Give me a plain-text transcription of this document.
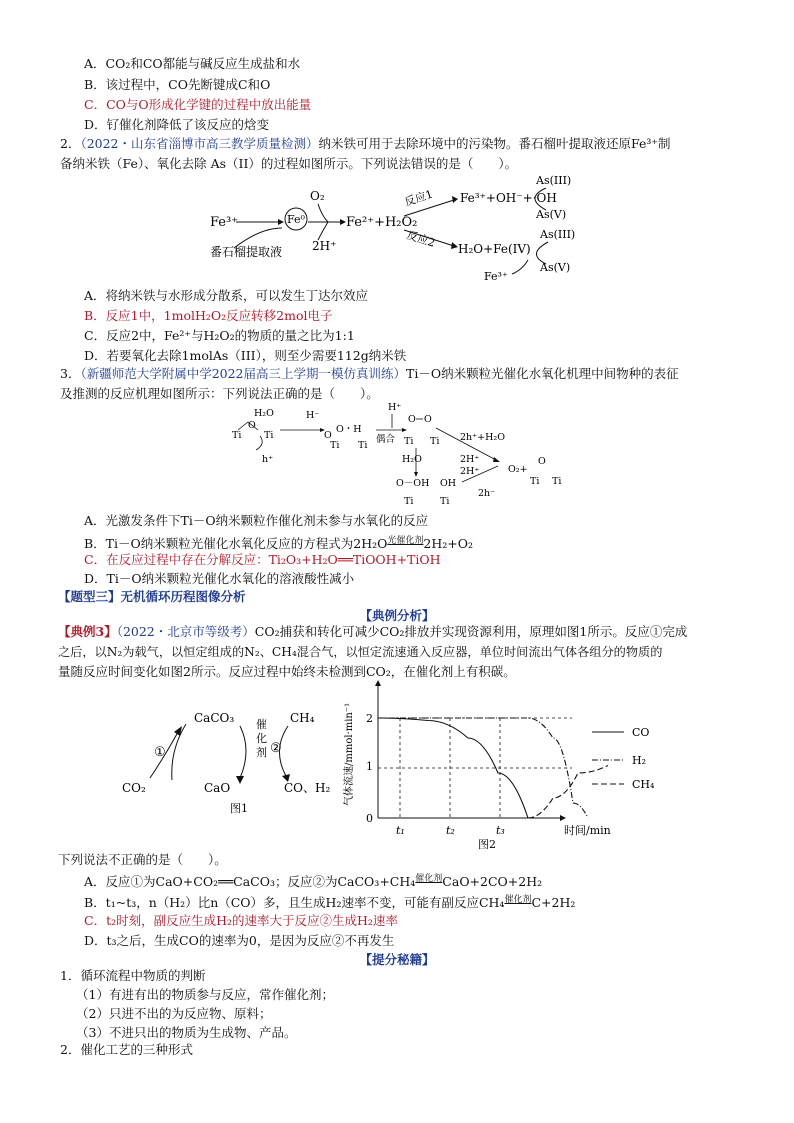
A．CO₂和CO都能与碱反应生成盐和水
B．该过程中，CO先断键成C和O
C．CO与O形成化学键的过程中放出能量
D．钌催化剂降低了该反应的焓变
2．（2022・山东省淄博市高三教学质量检测）纳米铁可用于去除环境中的污染物。番石榴叶提取液还原Fe³⁺制
备纳米铁（Fe）、氧化去除 As（II）的过程如图所示。下列说法错误的是（　　）。
Fe³⁺
番石榴提取液
Fe⁰
O₂
2H⁺
Fe²⁺+H₂O₂
反应1
反应2
Fe³⁺+OH⁻+·OH
As(III)
As(V)
H₂O+Fe(IV)
As(III)
As(V)
Fe³⁺
A．将纳米铁与水形成分散系，可以发生丁达尔效应
B．反应1中，1molH₂O₂反应转移2mol电子
C．反应2中，Fe²⁺与H₂O₂的物质的量之比为1:1
D．若要氧化去除1molAs（III），则至少需要112g纳米铁
3．（新疆师范大学附属中学2022届高三上学期一模仿真训练）Ti－O纳米颗粒光催化水氧化机理中间物种的表征
及推测的反应机理如图所示：下列说法正确的是（　　）。
Ti
O
Ti
H₂O
h⁺
H⁻
O
O・H
Ti Ti
偶合
H⁺
O O
Ti Ti 2h⁺+H₂O
H₂O
O－OH OH
Ti	Ti
2H⁺
2H⁺
2h⁻
O₂+
O
Ti Ti
A．光激发条件下Ti－O纳米颗粒作催化剂未参与水氧化的反应
B．Ti－O纳米颗粒光催化水氧化反应的方程式为$2H_2O^{光催化剂}2H_2+O_2$
C．在反应过程中存在分解反应：Ti₂O₃+H₂O══TiOOH+TiOH
D．Ti－O纳米颗粒光催化水氧化的溶液酸性减小
【题型三】无机循环历程图像分析
【典例分析】
【典例3】（2022・北京市等级考）CO₂捕获和转化可减少CO₂排放并实现资源利用，原理如图1所示。反应①完成
之后，以N₂为载气，以恒定组成的N₂、CH₄混合气，以恒定流速通入反应器，单位时间流出气体各组分的物质的
量随反应时间变化如图2所示。反应过程中始终未检测到CO₂，在催化剂上有积碳。
CaCO₃	CH₄
CO₂	CaO	CO、H₂
①
催
化
剂 ②
图1
气体流速/mmol·min⁻¹
时间/min
0
1
2
t₁	t₂	t₃
CO
H₂
CH₄
图2
下列说法不正确的是（　　）。
A．反应①为CaO+CO₂══CaCO₃；反应②为CaCO₃+CH₄$^{催化剂}$CaO+2CO+2H₂
B．t₁~t₃，n（H₂）比n（CO）多，且生成H₂速率不变，可能有副反应CH₄$^{催化剂}$C+2H₂
C．t₂时刻，副反应生成H₂的速率大于反应②生成H₂速率
D．t₃之后，生成CO的速率为0，是因为反应②不再发生
【提分秘籍】
1．循环流程中物质的判断
（1）有进有出的物质参与反应，常作催化剂；
（2）只进不出的为反应物、原料；
（3）不进只出的物质为生成物、产品。
2．催化工艺的三种形式
